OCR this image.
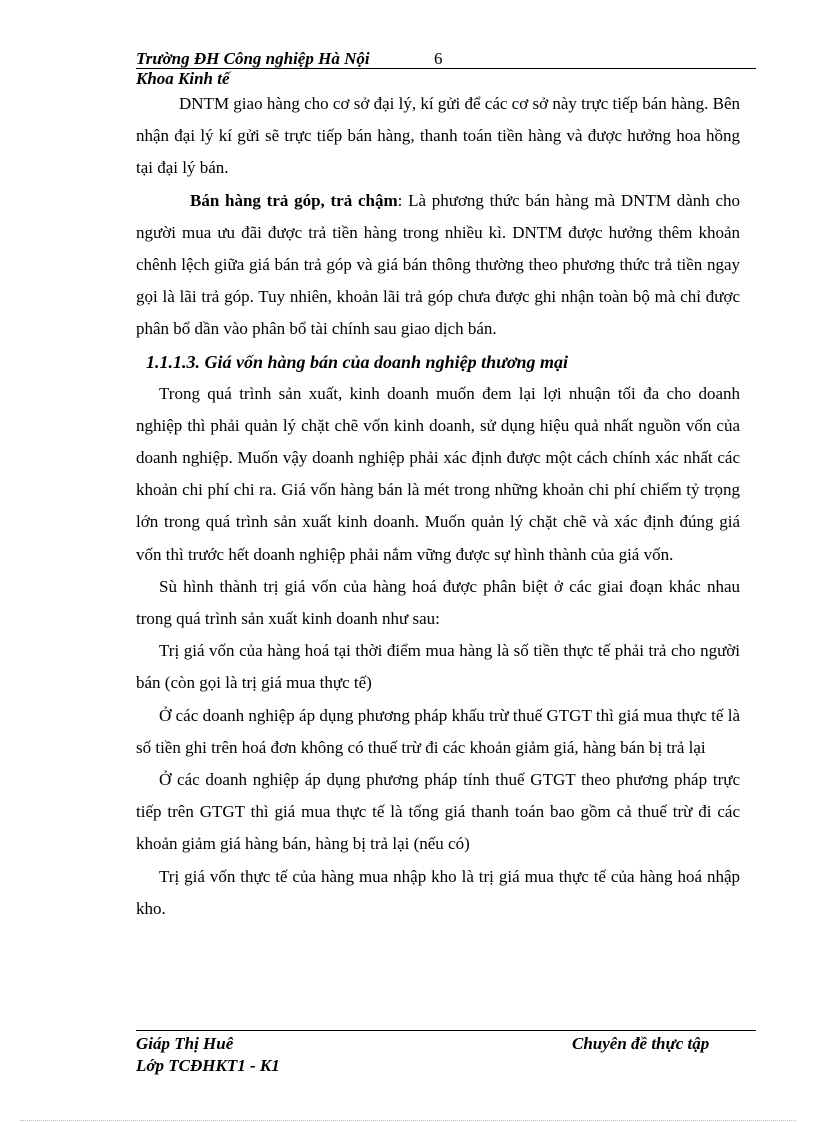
Trường ĐH Công nghiệp Hà Nội	6
Khoa Kinh tế

DNTM giao hàng cho cơ sở đại lý, kí gửi để các cơ sở này trực tiếp bán hàng. Bên nhận đại lý kí gửi sẽ trực tiếp bán hàng, thanh toán tiền hàng và được hưởng hoa hồng tại đại lý bán.

Bán hàng trả góp, trả chậm: Là phương thức bán hàng mà DNTM dành cho người mua ưu đãi được trả tiền hàng trong nhiều kì. DNTM được hưởng thêm khoản chênh lệch giữa giá bán trả góp và giá bán thông thường theo phương thức trả tiền ngay gọi là lãi trả góp. Tuy nhiên, khoản lãi trả góp chưa được ghi nhận toàn bộ mà chỉ được phân bổ dần vào phân bổ tài chính sau giao dịch bán.

1.1.1.3. Giá vốn hàng bán của doanh nghiệp thương mại

Trong quá trình sản xuất, kinh doanh muốn đem lại lợi nhuận tối đa cho doanh nghiệp thì phải quản lý chặt chẽ vốn kinh doanh, sử dụng hiệu quả nhất nguồn vốn của doanh nghiệp. Muốn vậy doanh nghiệp phải xác định được một cách chính xác nhất các khoản chi phí chi ra. Giá vốn hàng bán là mét trong những khoản chi phí chiếm tỷ trọng lớn trong quá trình sản xuất kinh doanh. Muốn quản lý chặt chẽ và xác định đúng giá vốn thì trước hết doanh nghiệp phải nắm vững được sự hình thành của giá vốn.

Sù hình thành trị giá vốn của hàng hoá được phân biệt ở các giai đoạn khác nhau trong quá trình sản xuất kinh doanh như sau:

Trị giá vốn của hàng hoá tại thời điểm mua hàng là số tiền thực tế phải trả cho người bán (còn gọi là trị giá mua thực tế)

Ở các doanh nghiệp áp dụng phương pháp khấu trừ thuế GTGT thì giá mua thực tế là số tiền ghi trên hoá đơn không có thuế trừ đi các khoản giảm giá, hàng bán bị trả lại

Ở các doanh nghiệp áp dụng phương pháp tính thuế GTGT theo phương pháp trực tiếp trên GTGT thì giá mua thực tế là tổng giá thanh toán bao gồm cả thuế trừ đi các khoản giảm giá hàng bán, hàng bị trả lại (nếu có)

Trị giá vốn thực tế của hàng mua nhập kho là trị giá mua thực tế của hàng hoá nhập kho.

Giáp Thị Huê	Chuyên đề thực tập
Lớp TCĐHKT1 - K1
